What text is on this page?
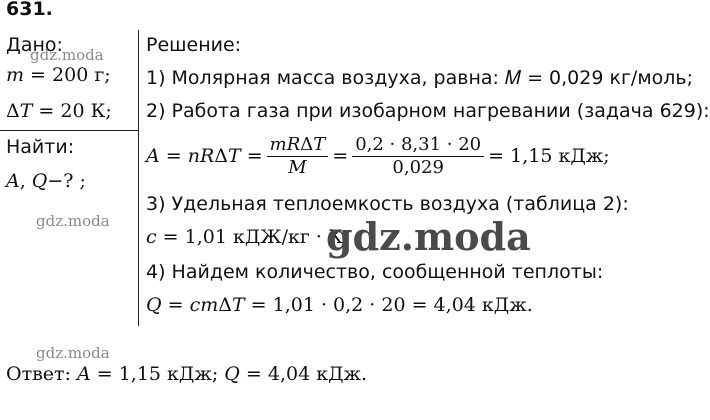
631.
Дано:
𝑚 = 200 г;
Δ𝑇 = 20 К;
Найти:
𝐴, 𝑄−? ;
Решение:
1) Молярная масса воздуха, равна: 𝑀 = 0,029 кг/моль;
2) Работа газа при изобарном нагревании (задача 629):
𝐴 = 𝑛𝑅Δ𝑇 = $\frac{\text{𝑚𝑅Δ𝑇}}{\text{𝑀}} = \frac{0,2 \cdot 8,31 \cdot 20}{0,029} = 1,15$ кДж;
3) Удельная теплоемкость воздуха (таблица 2):
𝑐 = 1,01 кДЖ/кг · К;
4) Найдем количество, сообщенной теплоты:
𝑄 = 𝑐𝑚Δ𝑇 = 1,01 · 0,2 · 20 = 4,04 кДж.
Ответ: 𝐴 = 1,15 кДж; 𝑄 = 4,04 кДж.
gdz.moda
gdz.moda
gdz.moda
gdz.moda
